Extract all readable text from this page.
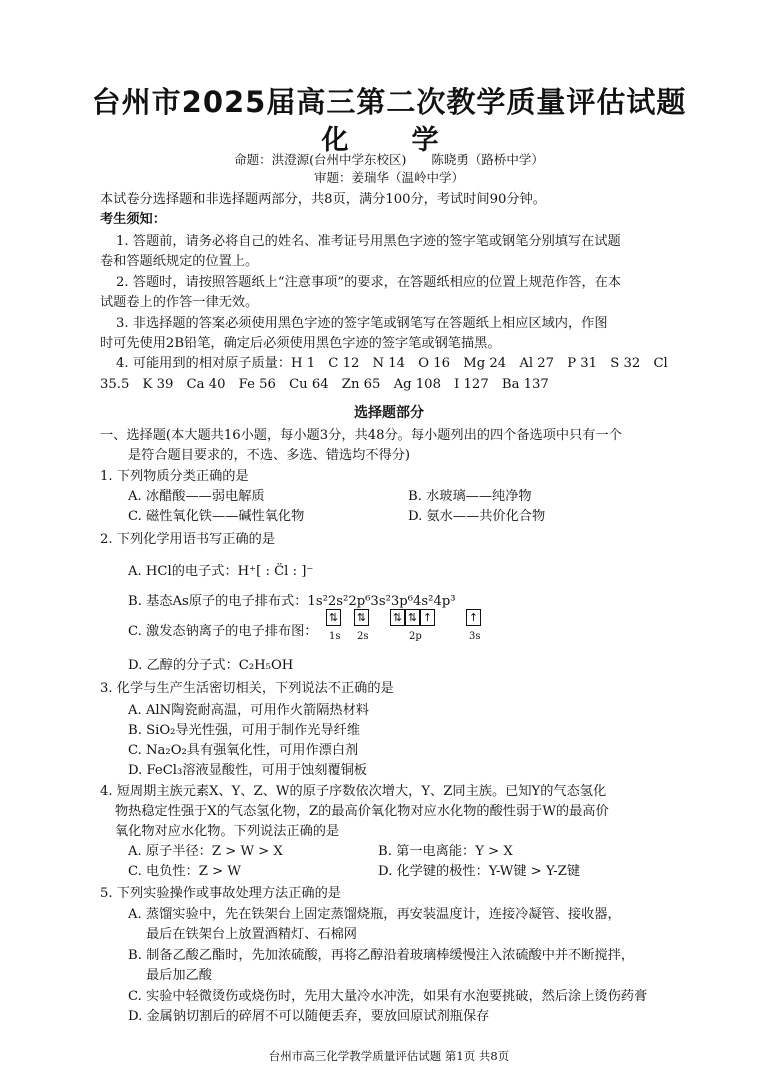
台州市2025届高三第二次教学质量评估试题
化　学
命题：洪澄源(台州中学东校区)　　陈晓勇（路桥中学）
审题：姜瑞华（温岭中学）
本试卷分选择题和非选择题两部分，共8页，满分100分，考试时间90分钟。
考生须知：
1. 答题前，请务必将自己的姓名、准考证号用黑色字迹的签字笔或钢笔分别填写在试题
卷和答题纸规定的位置上。
2. 答题时，请按照答题纸上“注意事项”的要求，在答题纸相应的位置上规范作答，在本
试题卷上的作答一律无效。
3. 非选择题的答案必须使用黑色字迹的签字笔或钢笔写在答题纸上相应区域内，作图
时可先使用2B铅笔，确定后必须使用黑色字迹的签字笔或钢笔描黑。
4. 可能用到的相对原子质量：H 1　C 12　N 14　O 16　Mg 24　Al 27　P 31　S 32　Cl
35.5　K 39　Ca 40　Fe 56　Cu 64　Zn 65　Ag 108　I 127　Ba 137
选择题部分
一、选择题(本大题共16小题，每小题3分，共48分。每小题列出的四个备选项中只有一个
是符合题目要求的，不选、多选、错选均不得分)
1. 下列物质分类正确的是
A. 冰醋酸——弱电解质	B. 水玻璃——纯净物
C. 磁性氧化铁——碱性氧化物	D. 氨水——共价化合物
2. 下列化学用语书写正确的是
A. HCl的电子式：H⁺[ : C̈l : ]⁻
B. 基态As原子的电子排布式：1s²2s²2p⁶3s²3p⁶4s²4p³
C. 激发态钠离子的电子排布图：
⇅ ⇅ ⇅ ⇅ ↑	↑
1s 2s	2p	3s
D. 乙醇的分子式：C₂H₅OH
3. 化学与生产生活密切相关，下列说法不正确的是
A. AlN陶瓷耐高温，可用作火箭隔热材料
B. SiO₂导光性强，可用于制作光导纤维
C. Na₂O₂具有强氧化性，可用作漂白剂
D. FeCl₃溶液显酸性，可用于蚀刻覆铜板
4. 短周期主族元素X、Y、Z、W的原子序数依次增大，Y、Z同主族。已知Y的气态氢化
物热稳定性强于X的气态氢化物，Z的最高价氧化物对应水化物的酸性弱于W的最高价
氧化物对应水化物。下列说法正确的是
A. 原子半径：Z > W > X	B. 第一电离能：Y > X
C. 电负性：Z > W	D. 化学键的极性：Y-W键 > Y-Z键
5. 下列实验操作或事故处理方法正确的是
A. 蒸馏实验中，先在铁架台上固定蒸馏烧瓶，再安装温度计，连接冷凝管、接收器，
最后在铁架台上放置酒精灯、石棉网
B. 制备乙酸乙酯时，先加浓硫酸，再将乙醇沿着玻璃棒缓慢注入浓硫酸中并不断搅拌，
最后加乙酸
C. 实验中轻微烫伤或烧伤时，先用大量冷水冲洗，如果有水泡要挑破，然后涂上烫伤药膏
D. 金属钠切割后的碎屑不可以随便丢弃，要放回原试剂瓶保存
台州市高三化学教学质量评估试题 第1页 共8页
